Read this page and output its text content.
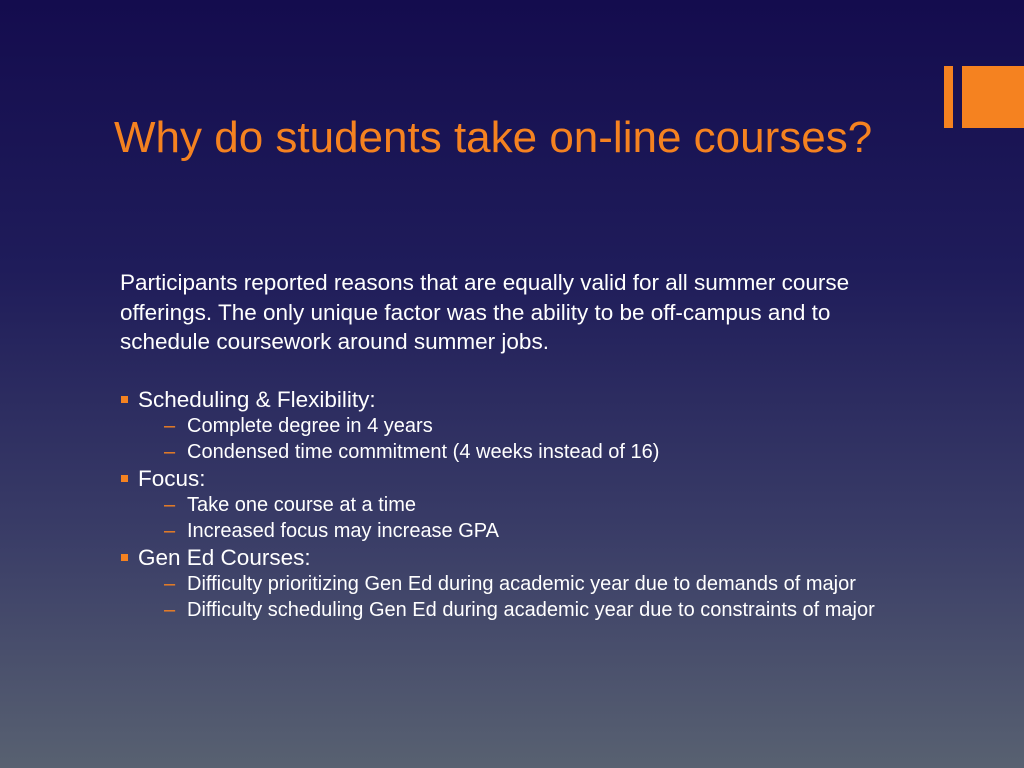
Why do students take on-line courses?

Participants reported reasons that are equally valid for all summer course offerings. The only unique factor was the ability to be off-campus and to schedule coursework around summer jobs.

Scheduling & Flexibility:
– Complete degree in 4 years
– Condensed time commitment (4 weeks instead of 16)
Focus:
– Take one course at a time
– Increased focus may increase GPA
Gen Ed Courses:
– Difficulty prioritizing Gen Ed during academic year due to demands of major
– Difficulty scheduling Gen Ed during academic year due to constraints of major
